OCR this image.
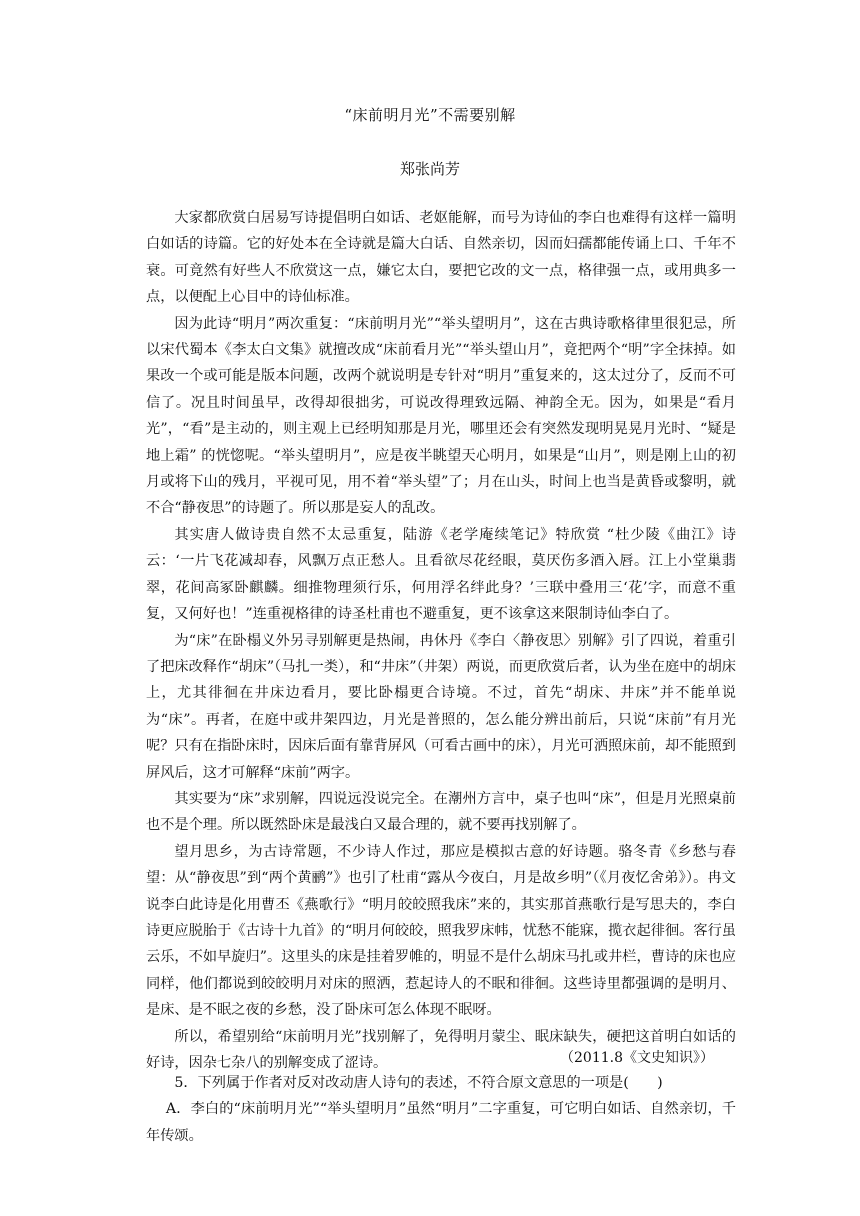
“床前明月光”不需要别解
郑张尚芳

大家都欣赏白居易写诗提倡明白如话、老妪能解，而号为诗仙的李白也难得有这样一篇明白如话的诗篇。它的好处本在全诗就是篇大白话、自然亲切，因而妇孺都能传诵上口、千年不衰。可竟然有好些人不欣赏这一点，嫌它太白，要把它改的文一点，格律强一点，或用典多一点，以便配上心目中的诗仙标准。

因为此诗“明月”两次重复：“床前明月光”“举头望明月”，这在古典诗歌格律里很犯忌，所以宋代蜀本《李太白文集》就擅改成“床前看月光”“举头望山月”，竟把两个“明”字全抹掉。如果改一个或可能是版本问题，改两个就说明是专针对“明月”重复来的，这太过分了，反而不可信了。况且时间虽早，改得却很拙劣，可说改得理致远隔、神韵全无。因为，如果是“看月光”，“看”是主动的，则主观上已经明知那是月光，哪里还会有突然发现明晃晃月光时、“疑是地上霜” 的恍惚呢。“举头望明月”，应是夜半眺望天心明月，如果是“山月”，则是刚上山的初月或将下山的残月，平视可见，用不着“举头望”了；月在山头，时间上也当是黄昏或黎明，就不合“静夜思”的诗题了。所以那是妄人的乱改。

其实唐人做诗贵自然不太忌重复，陆游《老学庵续笔记》特欣赏 “杜少陵《曲江》诗云：‘一片飞花减却春，风飘万点正愁人。且看欲尽花经眼，莫厌伤多酒入唇。江上小堂巢翡翠，花间高冢卧麒麟。细推物理须行乐，何用浮名绊此身？’三联中叠用三‘花’字，而意不重复，又何好也！”连重视格律的诗圣杜甫也不避重复，更不该拿这来限制诗仙李白了。

为“床”在卧榻义外另寻别解更是热闹，冉休丹《李白〈静夜思〉别解》引了四说，着重引了把床改释作“胡床”（马扎一类），和“井床”（井架）两说，而更欣赏后者，认为坐在庭中的胡床上，尤其徘徊在井床边看月，要比卧榻更合诗境。不过，首先“胡床、井床”并不能单说为“床”。再者，在庭中或井架四边，月光是普照的，怎么能分辨出前后，只说“床前”有月光呢？只有在指卧床时，因床后面有靠背屏风（可看古画中的床），月光可洒照床前，却不能照到屏风后，这才可解释“床前”两字。

其实要为“床”求别解，四说远没说完全。在潮州方言中，桌子也叫“床”，但是月光照桌前也不是个理。所以既然卧床是最浅白又最合理的，就不要再找别解了。

望月思乡，为古诗常题，不少诗人作过，那应是模拟古意的好诗题。骆冬青《乡愁与春望：从“静夜思”到“两个黄鹂”》也引了杜甫“露从今夜白，月是故乡明”（《月夜忆舍弟》）。冉文说李白此诗是化用曹丕《燕歌行》“明月皎皎照我床”来的，其实那首燕歌行是写思夫的，李白诗更应脱胎于《古诗十九首》的“明月何皎皎，照我罗床帏，忧愁不能寐，揽衣起徘徊。客行虽云乐，不如早旋归”。这里头的床是挂着罗帷的，明显不是什么胡床马扎或井栏，曹诗的床也应同样，他们都说到皎皎明月对床的照洒，惹起诗人的不眠和徘徊。这些诗里都强调的是明月、是床、是不眠之夜的乡愁，没了卧床可怎么体现不眠呀。

所以，希望别给“床前明月光”找别解了，免得明月蒙尘、眠床缺失，硬把这首明白如话的好诗，因杂七杂八的别解变成了涩诗。	（2011.8《文史知识》）

5．下列属于作者对反对改动唐人诗句的表述，不符合原文意思的一项是(　　)

A．李白的“床前明月光”“举头望明月”虽然“明月”二字重复，可它明白如话、自然亲切，千年传颂。
